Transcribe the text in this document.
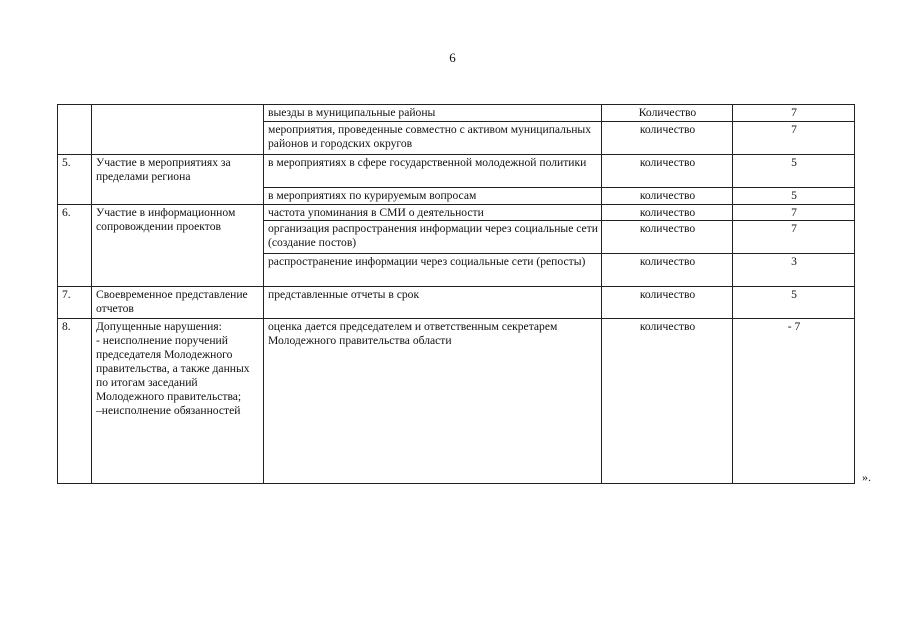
6
		выезды в муниципальные районы	Количество	7
		мероприятия, проведенные совместно с активом муниципальных районов и городских округов	количество	7
5.	Участие в мероприятиях за пределами региона	в мероприятиях в сфере государственной молодежной политики	количество	5
		в мероприятиях по курируемым вопросам	количество	5
6.	Участие в информационном сопровождении проектов	частота упоминания в СМИ о деятельности	количество	7
		организация распространения информации через социальные сети (создание постов)	количество	7
		распространение информации через социальные сети (репосты)	количество	3
7.	Своевременное представление отчетов	представленные отчеты в срок	количество	5
8.	Допущенные нарушения:
- неисполнение поручений председателя Молодежного правительства, а также данных по итогам заседаний Молодежного правительства;
–неисполнение обязанностей	оценка дается председателем и ответственным секретарем Молодежного правительства области	количество	- 7
».
